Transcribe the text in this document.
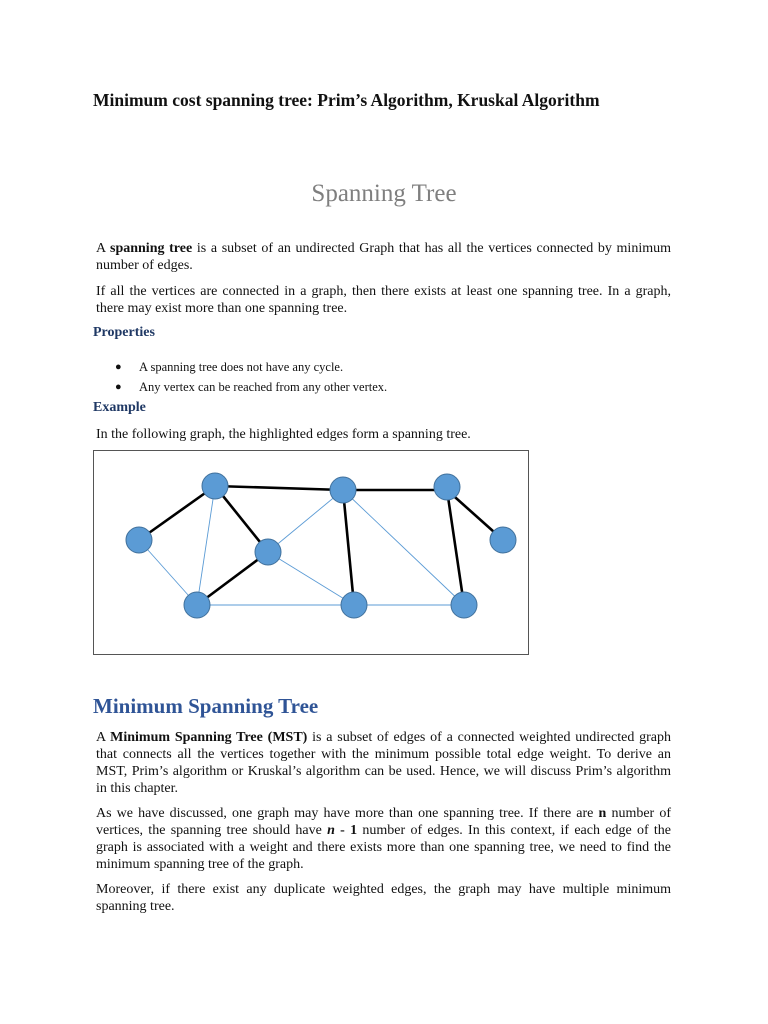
Minimum cost spanning tree: Prim’s Algorithm, Kruskal Algorithm
Spanning Tree
A spanning tree is a subset of an undirected Graph that has all the vertices connected by minimum number of edges.
If all the vertices are connected in a graph, then there exists at least one spanning tree. In a graph, there may exist more than one spanning tree.
Properties
● A spanning tree does not have any cycle.
● Any vertex can be reached from any other vertex.
Example
In the following graph, the highlighted edges form a spanning tree.
Minimum Spanning Tree
A Minimum Spanning Tree (MST) is a subset of edges of a connected weighted undirected graph that connects all the vertices together with the minimum possible total edge weight. To derive an MST, Prim’s algorithm or Kruskal’s algorithm can be used. Hence, we will discuss Prim’s algorithm in this chapter.
As we have discussed, one graph may have more than one spanning tree. If there are n number of vertices, the spanning tree should have n - 1 number of edges. In this context, if each edge of the graph is associated with a weight and there exists more than one spanning tree, we need to find the minimum spanning tree of the graph.
Moreover, if there exist any duplicate weighted edges, the graph may have multiple minimum spanning tree.
